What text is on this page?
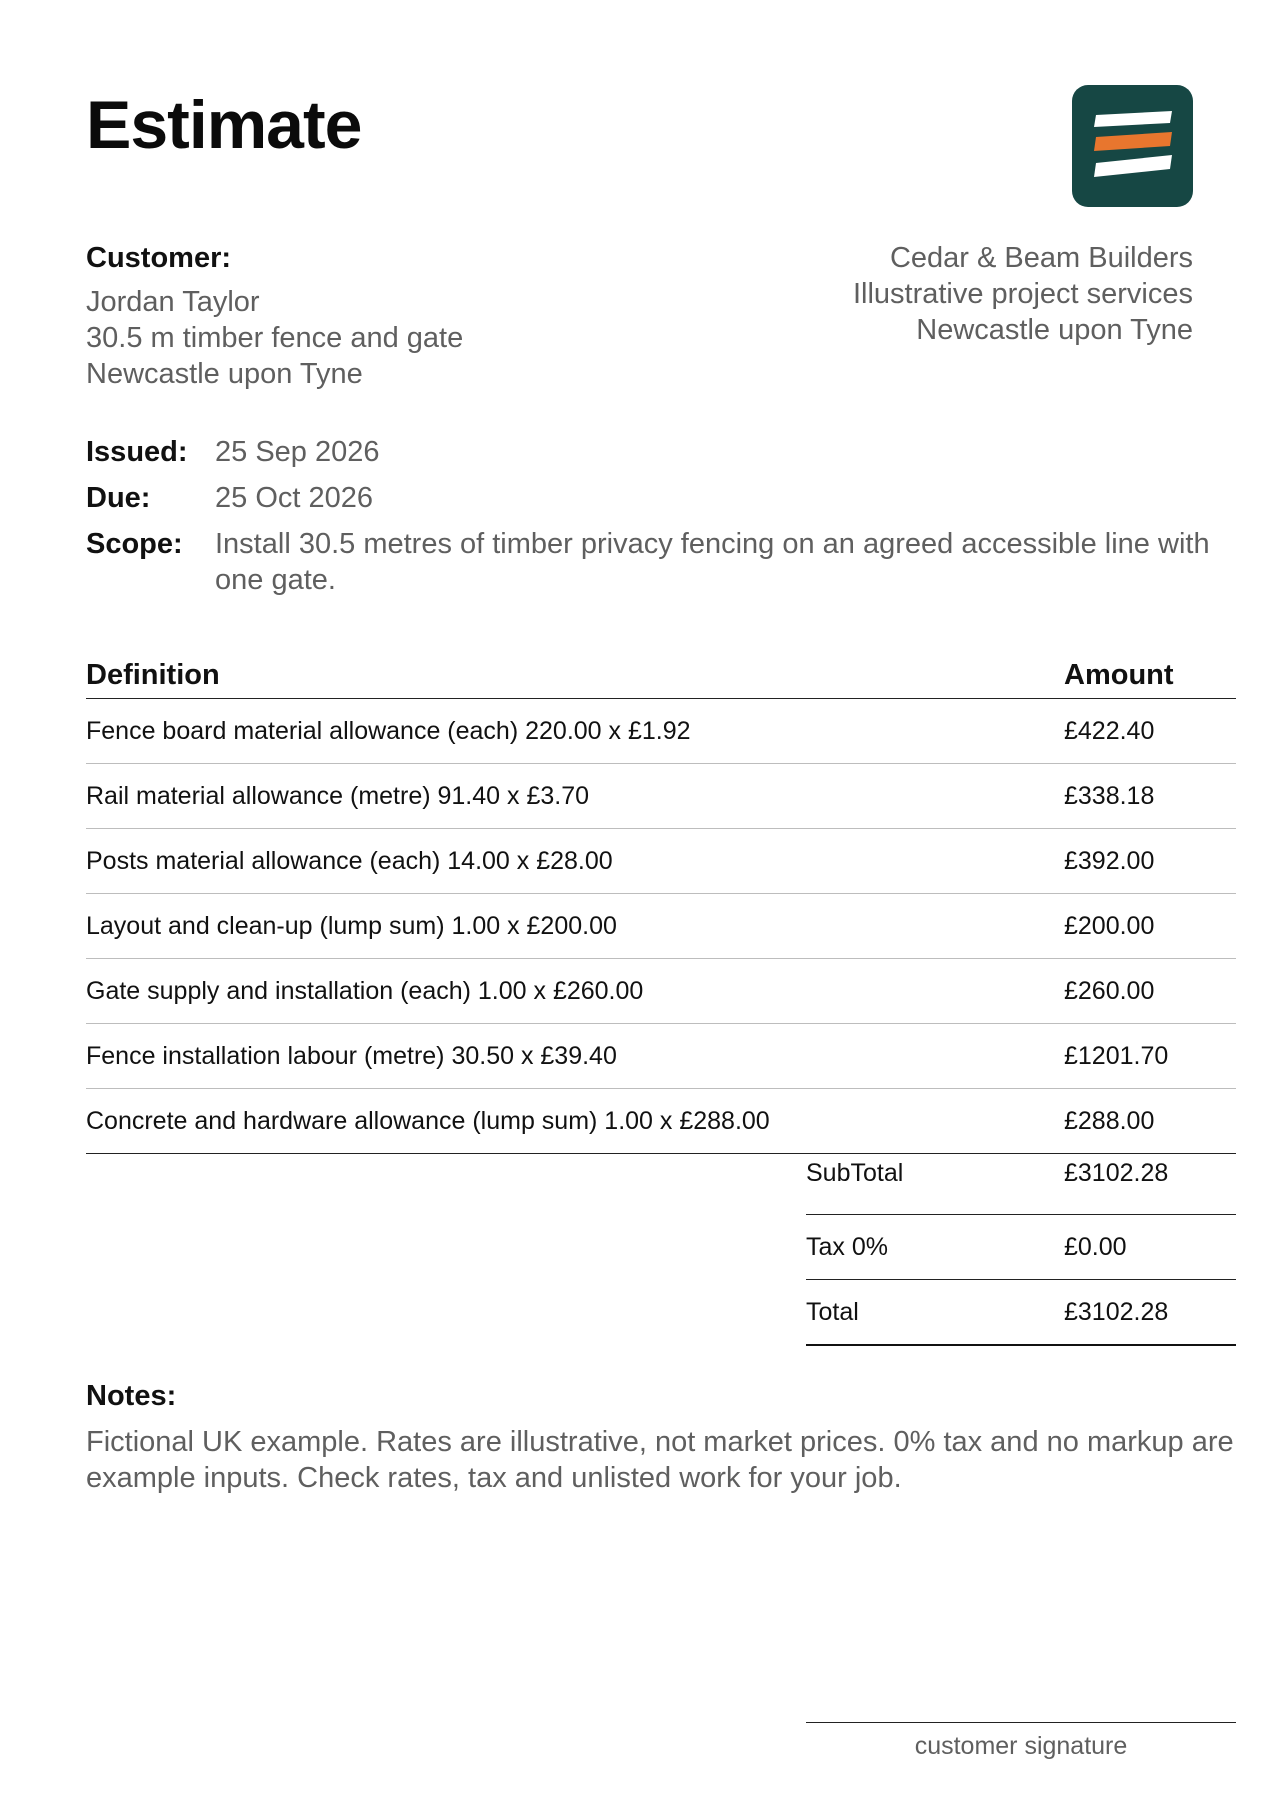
Estimate
Customer:
Jordan Taylor
30.5 m timber fence and gate
Newcastle upon Tyne
Cedar & Beam Builders
Illustrative project services
Newcastle upon Tyne
Issued: 25 Sep 2026
Due:	25 Oct 2026
Scope:	Install 30.5 metres of timber privacy fencing on an agreed accessible line with one gate.
Definition	Amount
Fence board material allowance (each) 220.00 x £1.92	£422.40
Rail material allowance (metre) 91.40 x £3.70	£338.18
Posts material allowance (each) 14.00 x £28.00	£392.00
Layout and clean-up (lump sum) 1.00 x £200.00	£200.00
Gate supply and installation (each) 1.00 x £260.00	£260.00
Fence installation labour (metre) 30.50 x £39.40	£1201.70
Concrete and hardware allowance (lump sum) 1.00 x £288.00	£288.00
SubTotal	£3102.28
Tax 0%	£0.00
Total	£3102.28
Notes:
Fictional UK example. Rates are illustrative, not market prices. 0% tax and no markup are example inputs. Check rates, tax and unlisted work for your job.
customer signature
